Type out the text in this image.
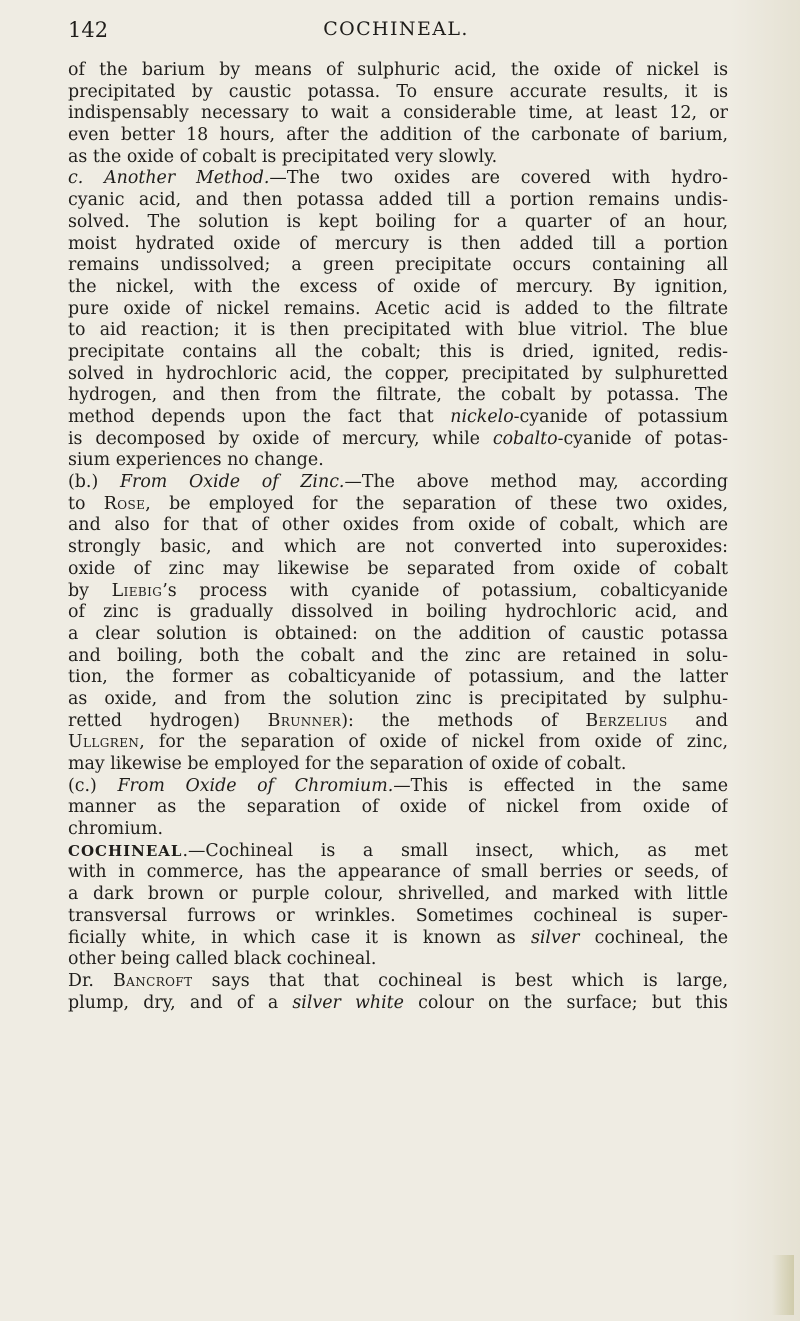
142	COCHINEAL.
of the barium by means of sulphuric acid, the oxide of nickel is
precipitated by caustic potassa. To ensure accurate results, it is
indispensably necessary to wait a considerable time, at least 12, or
even better 18 hours, after the addition of the carbonate of barium,
as the oxide of cobalt is precipitated very slowly.
c. Another Method.—The two oxides are covered with hydro-
cyanic acid, and then potassa added till a portion remains undis-
solved. The solution is kept boiling for a quarter of an hour,
moist hydrated oxide of mercury is then added till a portion
remains undissolved; a green precipitate occurs containing all
the nickel, with the excess of oxide of mercury. By ignition,
pure oxide of nickel remains. Acetic acid is added to the filtrate
to aid reaction; it is then precipitated with blue vitriol. The blue
precipitate contains all the cobalt; this is dried, ignited, redis-
solved in hydrochloric acid, the copper, precipitated by sulphuretted
hydrogen, and then from the filtrate, the cobalt by potassa. The
method depends upon the fact that nickelo-cyanide of potassium
is decomposed by oxide of mercury, while cobalto-cyanide of potas-
sium experiences no change.
(b.) From Oxide of Zinc.—The above method may, according
to Rose, be employed for the separation of these two oxides,
and also for that of other oxides from oxide of cobalt, which are
strongly basic, and which are not converted into superoxides:
oxide of zinc may likewise be separated from oxide of cobalt
by Liebig’s process with cyanide of potassium, cobalticyanide
of zinc is gradually dissolved in boiling hydrochloric acid, and
a clear solution is obtained: on the addition of caustic potassa
and boiling, both the cobalt and the zinc are retained in solu-
tion, the former as cobalticyanide of potassium, and the latter
as oxide, and from the solution zinc is precipitated by sulphu-
retted hydrogen) Brunner): the methods of Berzelius and
Ullgren, for the separation of oxide of nickel from oxide of zinc,
may likewise be employed for the separation of oxide of cobalt.
(c.) From Oxide of Chromium.—This is effected in the same
manner as the separation of oxide of nickel from oxide of
chromium.
COCHINEAL.—Cochineal is a small insect, which, as met
with in commerce, has the appearance of small berries or seeds, of
a dark brown or purple colour, shrivelled, and marked with little
transversal furrows or wrinkles. Sometimes cochineal is super-
ficially white, in which case it is known as silver cochineal, the
other being called black cochineal.
Dr. Bancroft says that that cochineal is best which is large,
plump, dry, and of a silver white colour on the surface; but this
